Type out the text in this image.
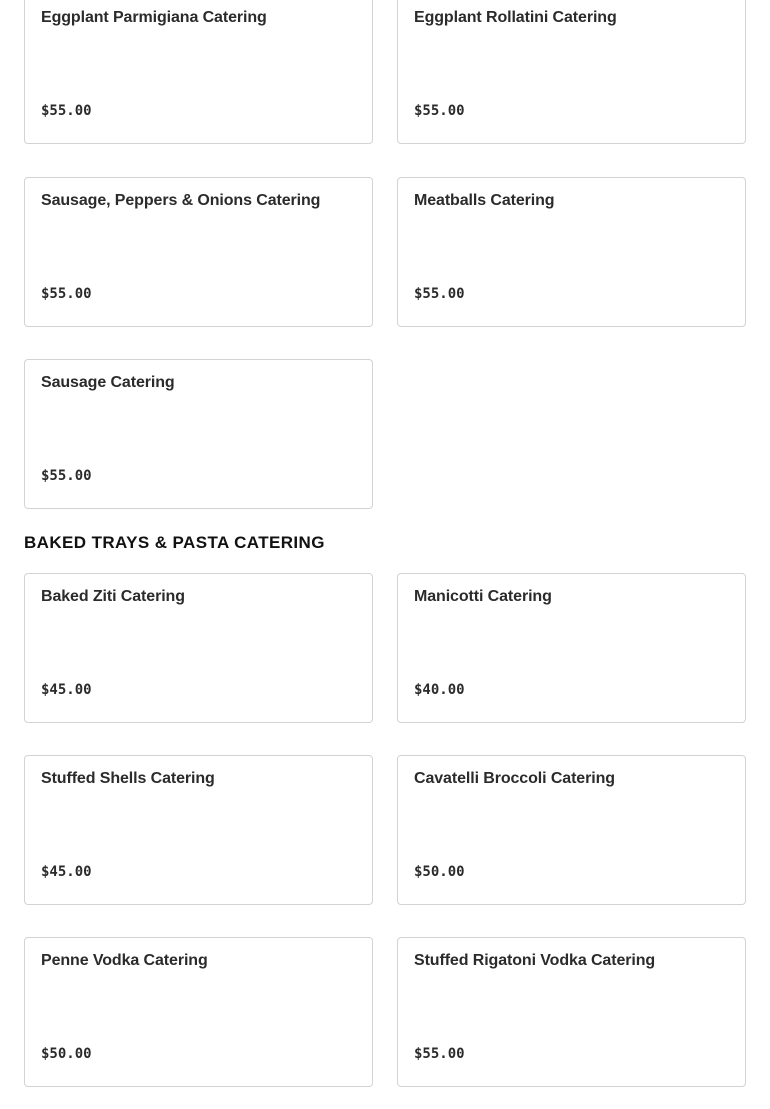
Eggplant Parmigiana Catering
$55.00
Eggplant Rollatini Catering
$55.00
Sausage, Peppers & Onions Catering
$55.00
Meatballs Catering
$55.00
Sausage Catering
$55.00
BAKED TRAYS & PASTA CATERING
Baked Ziti Catering
$45.00
Manicotti Catering
$40.00
Stuffed Shells Catering
$45.00
Cavatelli Broccoli Catering
$50.00
Penne Vodka Catering
$50.00
Stuffed Rigatoni Vodka Catering
$55.00
